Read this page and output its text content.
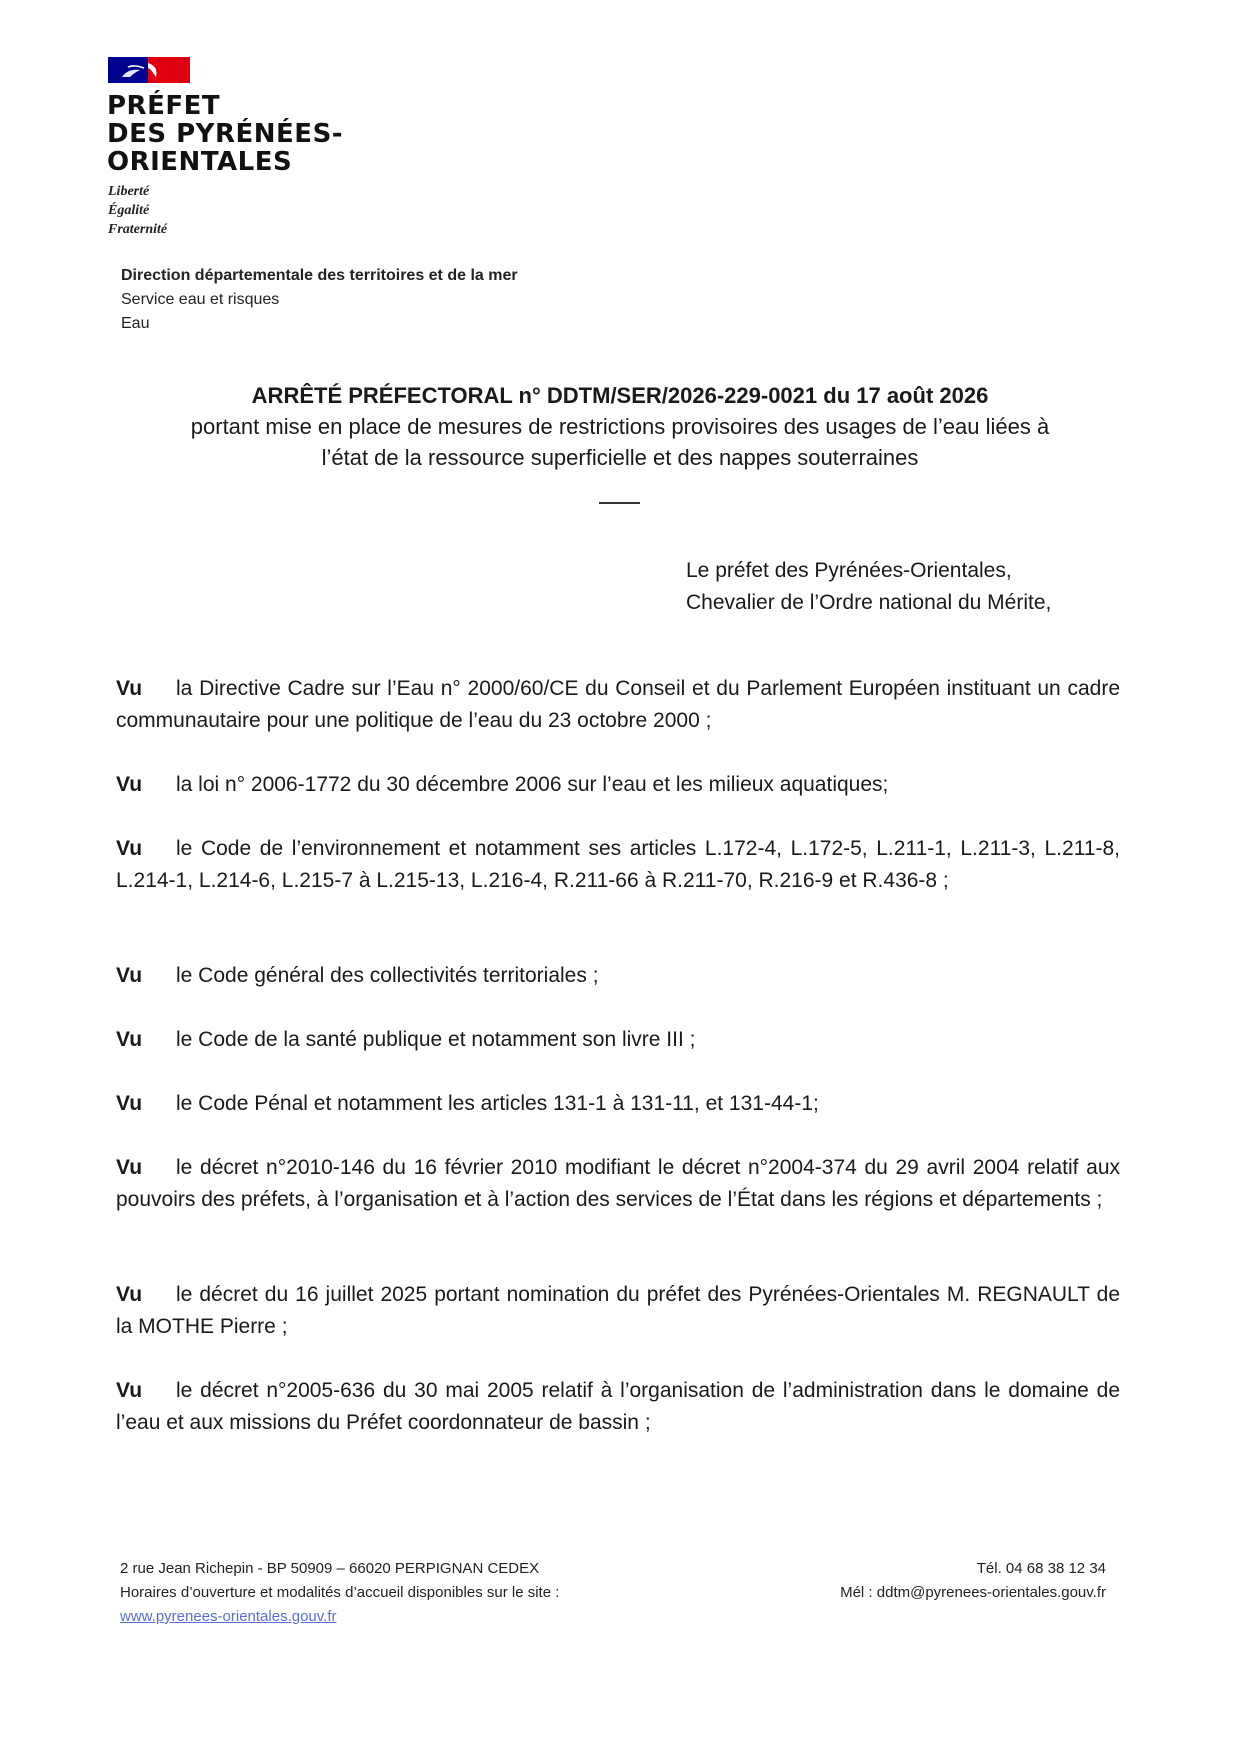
PRÉFET
DES PYRÉNÉES-
ORIENTALES
Liberté
Égalité
Fraternité
Direction départementale des territoires et de la mer
Service eau et risques
Eau
ARRÊTÉ PRÉFECTORAL n° DDTM/SER/2026-229-0021 du 17 août 2026
portant mise en place de mesures de restrictions provisoires des usages de l’eau liées à
l’état de la ressource superficielle et des nappes souterraines
Le préfet des Pyrénées-Orientales,
Chevalier de l’Ordre national du Mérite,
Vu la Directive Cadre sur l’Eau n° 2000/60/CE du Conseil et du Parlement Européen instituant un cadre communautaire pour une politique de l’eau du 23 octobre 2000 ;
Vu la loi n° 2006-1772 du 30 décembre 2006 sur l’eau et les milieux aquatiques;
Vu le Code de l’environnement et notamment ses articles L.172-4, L.172-5, L.211-1, L.211-3, L.211-8, L.214-1, L.214-6, L.215-7 à L.215-13, L.216-4, R.211-66 à R.211-70, R.216-9 et R.436-8 ;
Vu le Code général des collectivités territoriales ;
Vu le Code de la santé publique et notamment son livre III ;
Vu le Code Pénal et notamment les articles 131-1 à 131-11, et 131-44-1;
Vu le décret n°2010-146 du 16 février 2010 modifiant le décret n°2004-374 du 29 avril 2004 relatif aux pouvoirs des préfets, à l’organisation et à l’action des services de l’État dans les régions et départements ;
Vu le décret du 16 juillet 2025 portant nomination du préfet des Pyrénées-Orientales M. REGNAULT de la MOTHE Pierre ;
Vu le décret n°2005-636 du 30 mai 2005 relatif à l’organisation de l’administration dans le domaine de l’eau et aux missions du Préfet coordonnateur de bassin ;
2 rue Jean Richepin - BP 50909 – 66020 PERPIGNAN CEDEX
Horaires d’ouverture et modalités d’accueil disponibles sur le site :
www.pyrenees-orientales.gouv.fr
Tél. 04 68 38 12 34
Mél : ddtm@pyrenees-orientales.gouv.fr
